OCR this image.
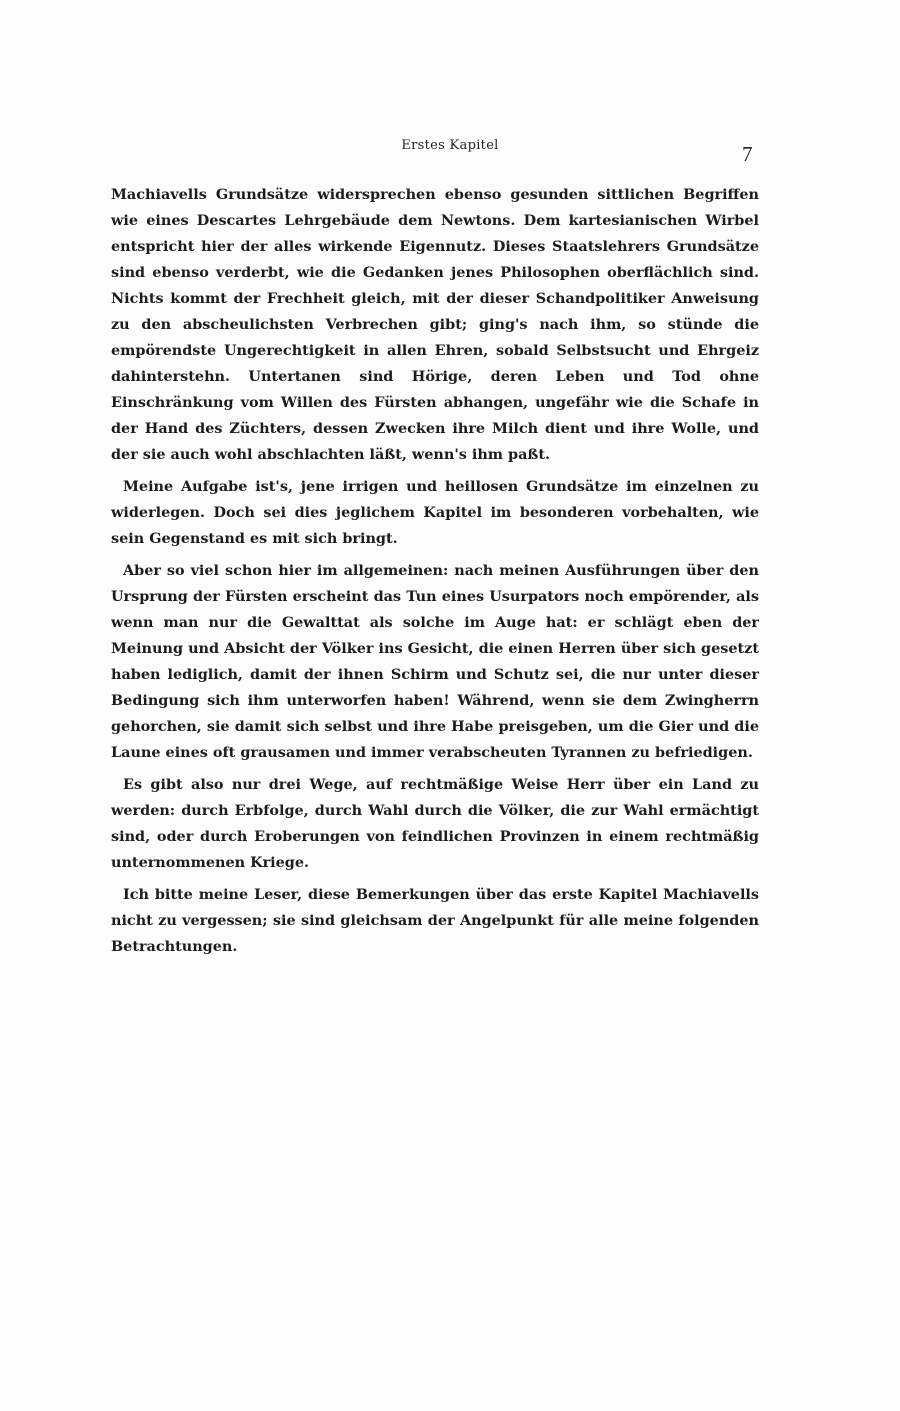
Erstes Kapitel	7

Machiavells Grundsätze widersprechen ebenso gesunden sittlichen Begriffen wie eines Descartes Lehrgebäude dem Newtons. Dem kartesianischen Wirbel entspricht hier der alles wirkende Eigennutz. Dieses Staatslehrers Grundsätze sind ebenso verderbt, wie die Gedanken jenes Philosophen oberflächlich sind. Nichts kommt der Frechheit gleich, mit der dieser Schandpolitiker Anweisung zu den abscheulichsten Verbrechen gibt; ging's nach ihm, so stünde die empörendste Ungerechtigkeit in allen Ehren, sobald Selbstsucht und Ehrgeiz dahinterstehn. Untertanen sind Hörige, deren Leben und Tod ohne Einschränkung vom Willen des Fürsten abhangen, ungefähr wie die Schafe in der Hand des Züchters, dessen Zwecken ihre Milch dient und ihre Wolle, und der sie auch wohl abschlachten läßt, wenn's ihm paßt.

Meine Aufgabe ist's, jene irrigen und heillosen Grundsätze im einzelnen zu widerlegen. Doch sei dies jeglichem Kapitel im besonderen vorbehalten, wie sein Gegenstand es mit sich bringt.

Aber so viel schon hier im allgemeinen: nach meinen Ausführungen über den Ursprung der Fürsten erscheint das Tun eines Usurpators noch empörender, als wenn man nur die Gewalttat als solche im Auge hat: er schlägt eben der Meinung und Absicht der Völker ins Gesicht, die einen Herren über sich gesetzt haben lediglich, damit der ihnen Schirm und Schutz sei, die nur unter dieser Bedingung sich ihm unterworfen haben! Während, wenn sie dem Zwingherrn gehorchen, sie damit sich selbst und ihre Habe preisgeben, um die Gier und die Laune eines oft grausamen und immer verabscheuten Tyrannen zu befriedigen.

Es gibt also nur drei Wege, auf rechtmäßige Weise Herr über ein Land zu werden: durch Erbfolge, durch Wahl durch die Völker, die zur Wahl ermächtigt sind, oder durch Eroberungen von feindlichen Provinzen in einem rechtmäßig unternommenen Kriege.

Ich bitte meine Leser, diese Bemerkungen über das erste Kapitel Machiavells nicht zu vergessen; sie sind gleichsam der Angelpunkt für alle meine folgenden Betrachtungen.
